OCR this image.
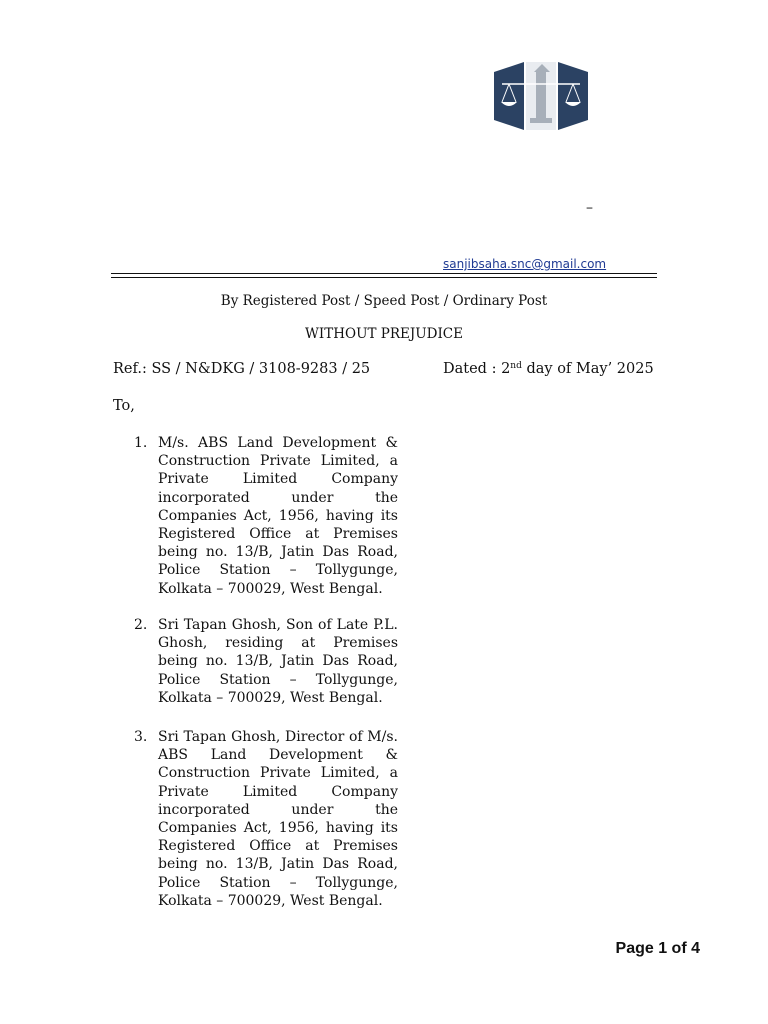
–
sanjibsaha.snc@gmail.com
By Registered Post / Speed Post / Ordinary Post
WITHOUT PREJUDICE
Ref.: SS / N&DKG / 3108-9283 / 25	Dated : 2nd day of May’ 2025
To,
1. M/s. ABS Land Development & Construction Private Limited, a Private Limited Company incorporated under the Companies Act, 1956, having its Registered Office at Premises being no. 13/B, Jatin Das Road, Police Station – Tollygunge, Kolkata – 700029, West Bengal.
2. Sri Tapan Ghosh, Son of Late P.L. Ghosh, residing at Premises being no. 13/B, Jatin Das Road, Police Station – Tollygunge, Kolkata – 700029, West Bengal.
3. Sri Tapan Ghosh, Director of M/s. ABS Land Development & Construction Private Limited, a Private Limited Company incorporated under the Companies Act, 1956, having its Registered Office at Premises being no. 13/B, Jatin Das Road, Police Station – Tollygunge, Kolkata – 700029, West Bengal.
Page 1 of 4
